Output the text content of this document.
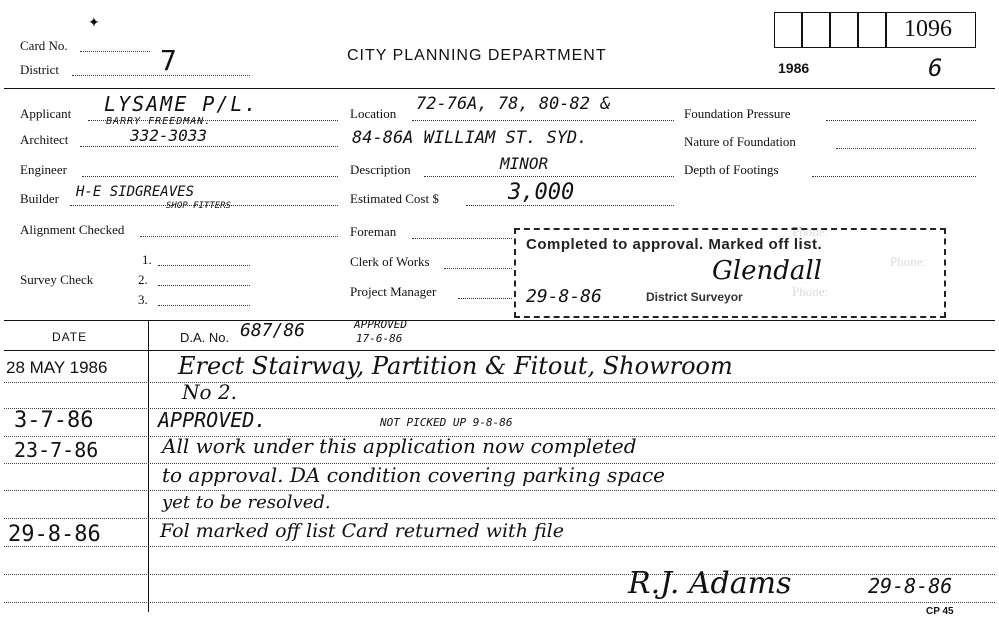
✦
Card No.
District	7	CITY PLANNING DEPARTMENT
1986	6
1096
Applicant LYSAME P/L.
BARRY FREEDMAN.
Architect	332-3033
Engineer
Builder H-E SIDGREAVES
SHOP FITTERS
Alignment Checked
Survey Check
1.
2.
3.
Location 72-76A, 78, 80-82 &
84-86A WILLIAM ST. SYD.
Description	MINOR
Estimated Cost $	3,000
Foreman
Clerk of Works
Project Manager
Foundation Pressure
Nature of Foundation
Depth of Footings
Completed to approval. Marked off list.
Glendall
29-8-86	District Surveyor
DATE	D.A. No. 687/86	APPROVED
17-6-86
28 MAY 1986	Erect Stairway, Partition & Fitout, Showroom
No 2.
3-7-86	APPROVED.	NOT PICKED UP 9-8-86
23-7-86	All work under this application now completed
to approval. DA condition covering parking space
yet to be resolved.
29-8-86	Fol marked off list Card returned with file
R.J. Adams	29-8-86
CP 45
